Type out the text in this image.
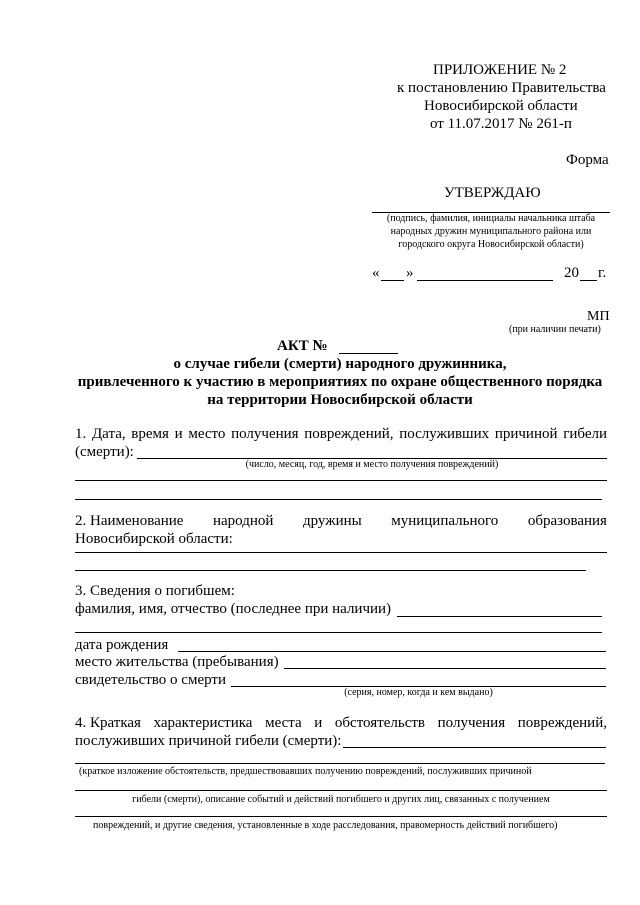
ПРИЛОЖЕНИЕ № 2
к постановлению Правительства
Новосибирской области
от 11.07.2017 № 261-п
Форма
УТВЕРЖДАЮ
(подпись, фамилия, инициалы начальника штаба
народных дружин муниципального района или
городского округа Новосибирской области)
« »	20 г.
МП
(при наличии печати)
АКТ №
о случае гибели (смерти) народного дружинника,
привлеченного к участию в мероприятиях по охране общественного порядка
на территории Новосибирской области
1. Дата, время и место получения повреждений, послуживших причиной гибели
(смерти):
(число, месяц, год, время и место получения повреждений)
2. Наименование народной дружины муниципального образования
Новосибирской области:
3. Сведения о погибшем:
фамилия, имя, отчество (последнее при наличии)
дата рождения
место жительства (пребывания)
свидетельство о смерти
(серия, номер, когда и кем выдано)
4. Краткая характеристика места и обстоятельств получения повреждений,
послуживших причиной гибели (смерти):
(краткое изложение обстоятельств, предшествовавших получению повреждений, послуживших причиной
гибели (смерти), описание событий и действий погибшего и других лиц, связанных с получением
повреждений, и другие сведения, установленные в ходе расследования, правомерность действий погибшего)
